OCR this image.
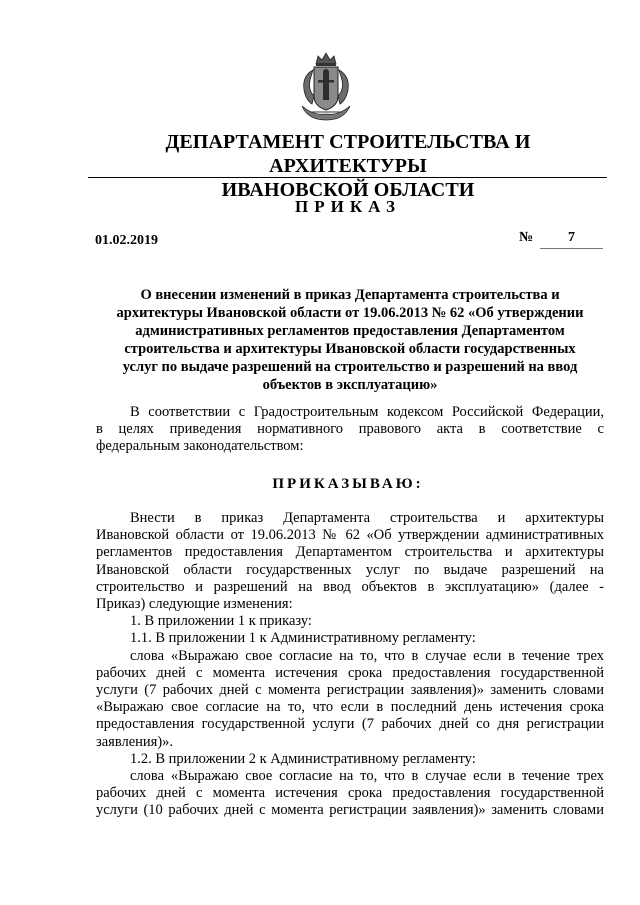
ДЕПАРТАМЕНТ СТРОИТЕЛЬСТВА И АРХИТЕКТУРЫ
ИВАНОВСКОЙ ОБЛАСТИ
ПРИКАЗ
01.02.2019	№	7
О внесении изменений в приказ Департамента строительства и
архитектуры Ивановской области от 19.06.2013 № 62 «Об утверждении
административных регламентов предоставления Департаментом
строительства и архитектуры Ивановской области государственных
услуг по выдаче разрешений на строительство и разрешений на ввод
объектов в эксплуатацию»
В соответствии с Градостроительным кодексом Российской Федерации,
в целях приведения нормативного правового акта в соответствие с
федеральным законодательством:
ПРИКАЗЫВАЮ:
Внести в приказ Департамента строительства и архитектуры
Ивановской области от 19.06.2013 № 62 «Об утверждении административных
регламентов предоставления Департаментом строительства и архитектуры
Ивановской области государственных услуг по выдаче разрешений на
строительство и разрешений на ввод объектов в эксплуатацию» (далее -
Приказ) следующие изменения:
1. В приложении 1 к приказу:
1.1. В приложении 1 к Административному регламенту:
слова «Выражаю свое согласие на то, что в случае если в течение трех
рабочих дней с момента истечения срока предоставления государственной
услуги (7 рабочих дней с момента регистрации заявления)» заменить словами
«Выражаю свое согласие на то, что если в последний день истечения срока
предоставления государственной услуги (7 рабочих дней со дня регистрации
заявления)».
1.2. В приложении 2 к Административному регламенту:
слова «Выражаю свое согласие на то, что в случае если в течение трех
рабочих дней с момента истечения срока предоставления государственной
услуги (10 рабочих дней с момента регистрации заявления)» заменить словами
